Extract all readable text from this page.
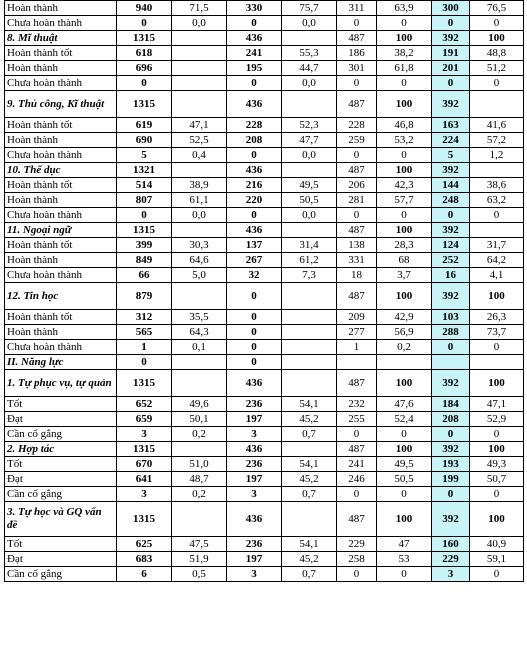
Hoàn thành	940	71,5	330	75,7	311	63,9	300	76,5
Chưa hoàn thành	0	0,0	0	0,0	0	0	0	0
8. Mĩ thuật	1315		436		487	100	392	100
Hoàn thành tốt	618		241	55,3	186	38,2	191	48,8
Hoàn thành	696		195	44,7	301	61,8	201	51,2
Chưa hoàn thành	0		0	0,0	0	0	0	0
9. Thủ công, Kĩ thuật	1315		436		487	100	392	
Hoàn thành tốt	619	47,1	228	52,3	228	46,8	163	41,6
Hoàn thành	690	52,5	208	47,7	259	53,2	224	57,2
Chưa hoàn thành	5	0,4	0	0,0	0	0	5	1,2
10. Thể dục	1321		436		487	100	392	
Hoàn thành tốt	514	38,9	216	49,5	206	42,3	144	38,6
Hoàn thành	807	61,1	220	50,5	281	57,7	248	63,2
Chưa hoàn thành	0	0,0	0	0,0	0	0	0	0
11. Ngoại ngữ	1315		436		487	100	392	
Hoàn thành tốt	399	30,3	137	31,4	138	28,3	124	31,7
Hoàn thành	849	64,6	267	61,2	331	68	252	64,2
Chưa hoàn thành	66	5,0	32	7,3	18	3,7	16	4,1
12. Tin học	879		0		487	100	392	100
Hoàn thành tốt	312	35,5	0		209	42,9	103	26,3
Hoàn thành	565	64,3	0		277	56,9	288	73,7
Chưa hoàn thành	1	0,1	0		1	0,2	0	0
II. Năng lực	0		0					
1. Tự phục vụ, tự quản	1315		436		487	100	392	100
Tốt	652	49,6	236	54,1	232	47,6	184	47,1
Đạt	659	50,1	197	45,2	255	52,4	208	52,9
Cần cố gắng	3	0,2	3	0,7	0	0	0	0
2. Hợp tác	1315		436		487	100	392	100
Tốt	670	51,0	236	54,1	241	49,5	193	49,3
Đạt	641	48,7	197	45,2	246	50,5	199	50,7
Cần cố gắng	3	0,2	3	0,7	0	0	0	0
3. Tự học và GQ vấn đề	1315		436		487	100	392	100
Tốt	625	47,5	236	54,1	229	47	160	40,9
Đạt	683	51,9	197	45,2	258	53	229	59,1
Cần cố gắng	6	0,5	3	0,7	0	0	3	0
